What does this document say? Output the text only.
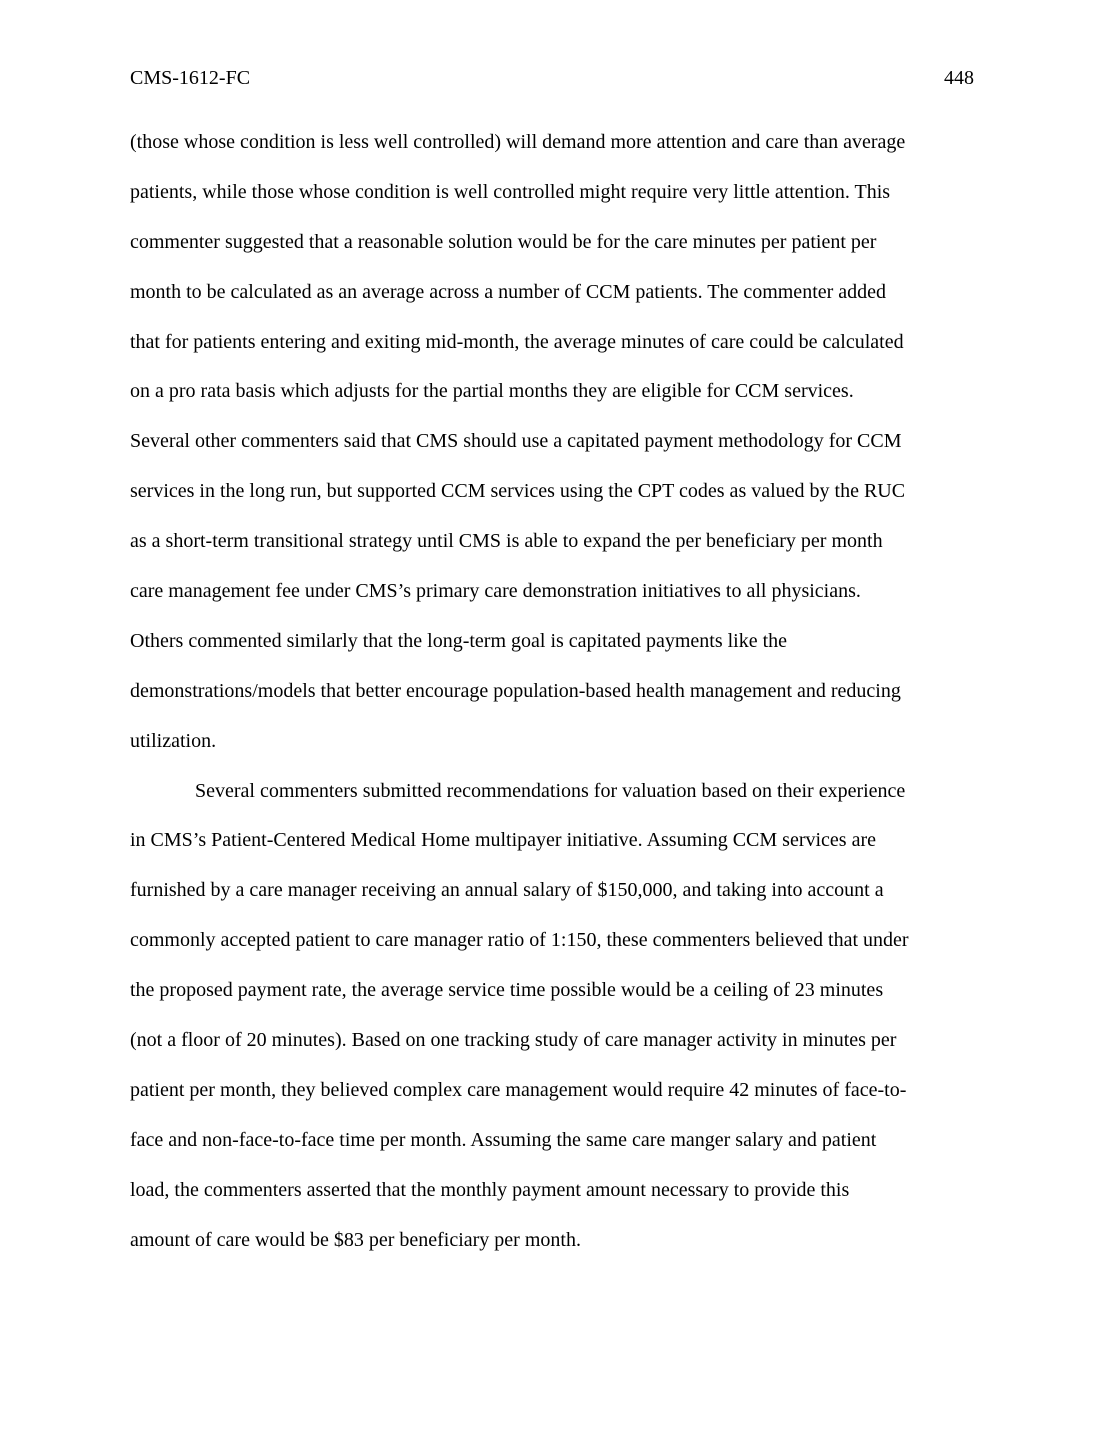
CMS-1612-FC	448
(those whose condition is less well controlled) will demand more attention and care than average
patients, while those whose condition is well controlled might require very little attention. This
commenter suggested that a reasonable solution would be for the care minutes per patient per
month to be calculated as an average across a number of CCM patients. The commenter added
that for patients entering and exiting mid-month, the average minutes of care could be calculated
on a pro rata basis which adjusts for the partial months they are eligible for CCM services.
Several other commenters said that CMS should use a capitated payment methodology for CCM
services in the long run, but supported CCM services using the CPT codes as valued by the RUC
as a short-term transitional strategy until CMS is able to expand the per beneficiary per month
care management fee under CMS’s primary care demonstration initiatives to all physicians.
Others commented similarly that the long-term goal is capitated payments like the
demonstrations/models that better encourage population-based health management and reducing
utilization.
Several commenters submitted recommendations for valuation based on their experience
in CMS’s Patient-Centered Medical Home multipayer initiative. Assuming CCM services are
furnished by a care manager receiving an annual salary of $150,000, and taking into account a
commonly accepted patient to care manager ratio of 1:150, these commenters believed that under
the proposed payment rate, the average service time possible would be a ceiling of 23 minutes
(not a floor of 20 minutes). Based on one tracking study of care manager activity in minutes per
patient per month, they believed complex care management would require 42 minutes of face-to-
face and non-face-to-face time per month. Assuming the same care manger salary and patient
load, the commenters asserted that the monthly payment amount necessary to provide this
amount of care would be $83 per beneficiary per month.
